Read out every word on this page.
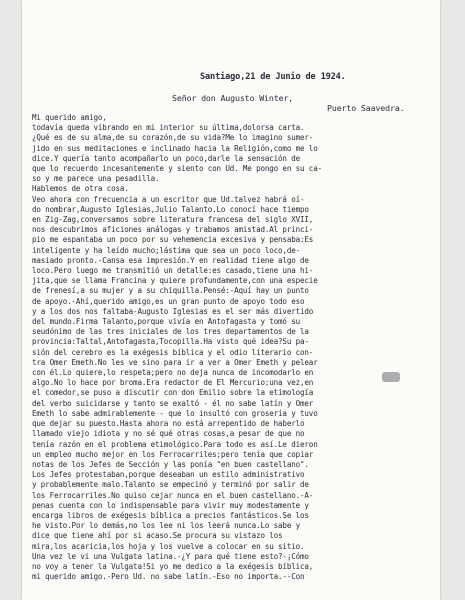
Santiago,21 de Junio de 1924.
Señor don Augusto Winter,
Puerto Saavedra.
Mi querido amigo,
todavía queda vibrando en mi interior su última,dolorsa carta.
¿Qué es de su alma,de su corazón,de su vida?Me lo imagino sumer-
jido en sus meditaciones e inclinado hacia la Religión,como me lo
dice.Y quería tanto acompañarlo un poco,darle la sensación de
que lo recuerdo incesantemente y siento con Ud. Me pongo en su ca-
so y me parece una pesadilla.
Hablemos de otra cosa.
Veo ahora con frecuencia a un escritor que Ud.talvez habrá oí-
do nombrar,Augusto Iglesias,Julio Talanto.Lo conocí hace tiempo
en Zig-Zag,conversamos sobre literatura francesa del siglo XVII,
nos descubrimos aficiones análogas y trabamos amistad.Al princi-
pio me espantaba un poco por su vehemencia excesiva y pensaba:Es
inteligente y ha leído mucho;lástima que sea un poco loco,de-
masiado pronto.-Cansa esa impresión.Y en realidad tiene algo de
loco.Pero luego me transmitió un detalle:es casado,tiene una hi-
jita,que se llama Francina y quiere profundamente,con una especie
de frenesí,a su mujer y a su chiquilla.Pensé:-Aquí hay un punto
de apoyo.-Ahí,querido amigo,es un gran punto de apoyo todo eso
y a los dos nos faltaba-Augusto Iglesias es el ser más divertido
del mundo.Firma Talanto,porque vivía en Antofagasta y tomó su
seudónimo de las tres iniciales de los tres departamentos de la
provincia:Taltal,Antofagasta,Tocopilla.Ha visto qué idea?Su pa-
sión del cerebro es la exégesis bíblica y el odio literario con-
tra Omer Emeth.No les ve sino para ir a ver a Omer Emeth y pelear
con él.Lo quiere,lo respeta;pero no deja nunca de incomodarlo en
algo.No lo hace por broma.Era redactor de El Mercurio;una vez,en
el comedor,se puso a discutir con don Emilio sobre la etimología
del verbo suicidarse y tanto se exaltó - él no sabe latín y Omer
Emeth lo sabe admirablemente - que lo insultó con grosería y tuvo
que dejar su puesto.Hasta ahora no está arrepentido de haberlo
llamado viejo idiota y no sé qué otras cosas,a pesar de que no
tenía razón en el problema etimológico.Para todo es así.Le dieron
un empleo mucho mejor en los Ferrocarriles;pero tenía que copiar
notas de los Jefes de Sección y las ponía "en buen castellano".
Los Jefes protestaban,porque deseaban un estilo administrativo
y probablemente malo.Talanto se empecinó y terminó por salir de
los Ferrocarriles.No quiso cejar nunca en el buen castellano.-A-
penas cuenta con lo indispensable para vivir muy modestamente y
encarga libros de exégesis bíblica a precios fantásticos.Se los
he visto.Por lo demás,no los lee ni los leerá nunca.Lo sabe y
dice que tiene ahí por si acaso.Se procura su vistazo los
mira,los acaricia,los hoja y los vuelve a colocar en su sitio.
Una vez le vi una Vulgata latina.-¿Y para qué tiene esto?-¡Cómo
no voy a tener la Vulgata!Si yo me dedico a la exégesis bíblica,
mi querido amigo.-Pero Ud. no sabe latín.-Eso no importa.--Con
